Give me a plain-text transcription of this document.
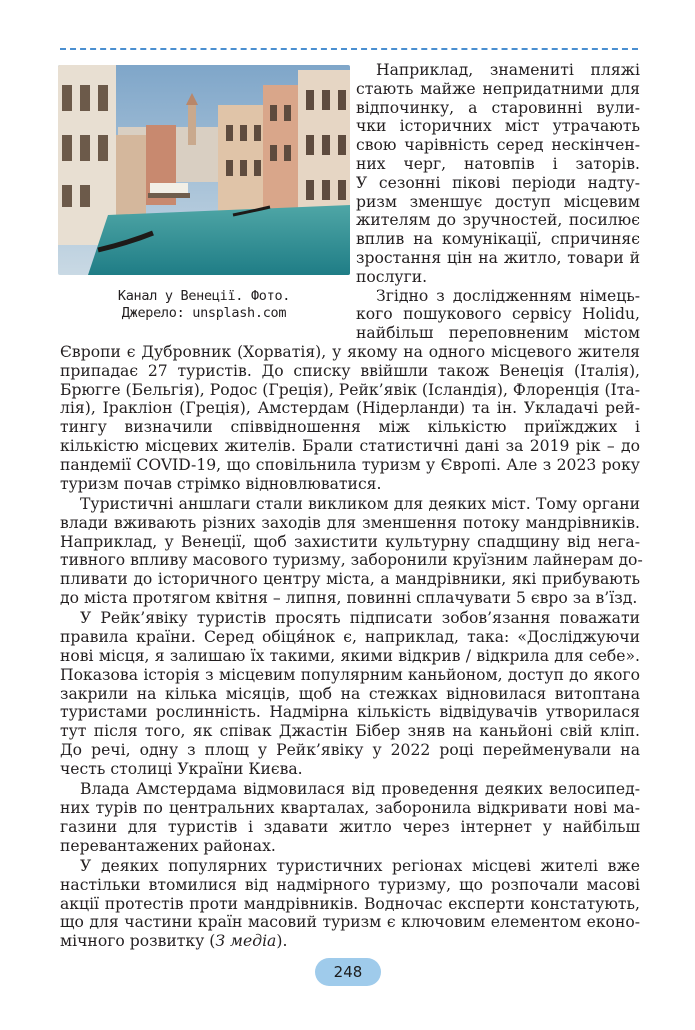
Канал у Венеції. Фото.
Джерело: unsplash.com
248
Наприклад, знамениті пляжі
стають майже непридатними для
відпочинку, а старовинні вули-
чки історичних міст утрачають
свою чарівність серед нескінчен-
них черг, натовпів і заторів.
У сезонні пікові періоди надту-
ризм зменшує доступ місцевим
жителям до зручностей, посилює
вплив на комунікації, спричиняє
зростання цін на житло, товари й
послуги.
Згідно з дослідженням німець-
кого пошукового сервісу Holidu,
найбільш переповненим містом
Європи є Дубровник (Хорватія), у якому на одного місцевого жителя
припадає 27 туристів. До списку ввійшли також Венеція (Італія),
Брюгге (Бельгія), Родос (Греція), Рейк’явік (Ісландія), Флоренція (Іта-
лія), Іракліон (Греція), Амстердам (Нідерланди) та ін. Укладачі рей-
тингу визначили співвідношення між кількістю приїжджих і
кількістю місцевих жителів. Брали статистичні дані за 2019 рік – до
пандемії COVID-19, що сповільнила туризм у Європі. Але з 2023 року
туризм почав стрімко відновлюватися.
Туристичні аншлаги стали викликом для деяких міст. Тому органи
влади вживають різних заходів для зменшення потоку мандрівників.
Наприклад, у Венеції, щоб захистити культурну спадщину від нега-
тивного впливу масового туризму, заборонили круїзним лайнерам до-
пливати до історичного центру міста, а мандрівники, які прибувають
до міста протягом квітня – липня, повинні сплачувати 5 євро за в’їзд.
У Рейк’явіку туристів просять підписати зобов’язання поважати
правила країни. Серед обіця́нок є, наприклад, така: «Досліджуючи
нові місця, я залишаю їх такими, якими відкрив / відкрила для себе».
Показова історія з місцевим популярним каньйоном, доступ до якого
закрили на кілька місяців, щоб на стежках відновилася витоптана
туристами рослинність. Надмірна кількість відвідувачів утворилася
тут після того, як співак Джастін Бібер зняв на каньйоні свій кліп.
До речі, одну з площ у Рейк’явіку у 2022 році перейменували на
честь столиці України Києва.
Влада Амстердама відмовилася від проведення деяких велосипед-
них турів по центральних кварталах, заборонила відкривати нові ма-
газини для туристів і здавати житло через інтернет у найбільш
перевантажених районах.
У деяких популярних туристичних регіонах місцеві жителі вже
настільки втомилися від надмірного туризму, що розпочали масові
акції протестів проти мандрівників. Водночас експерти констатують,
що для частини країн масовий туризм є ключовим елементом еконо-
мічного розвитку (З медіа).
